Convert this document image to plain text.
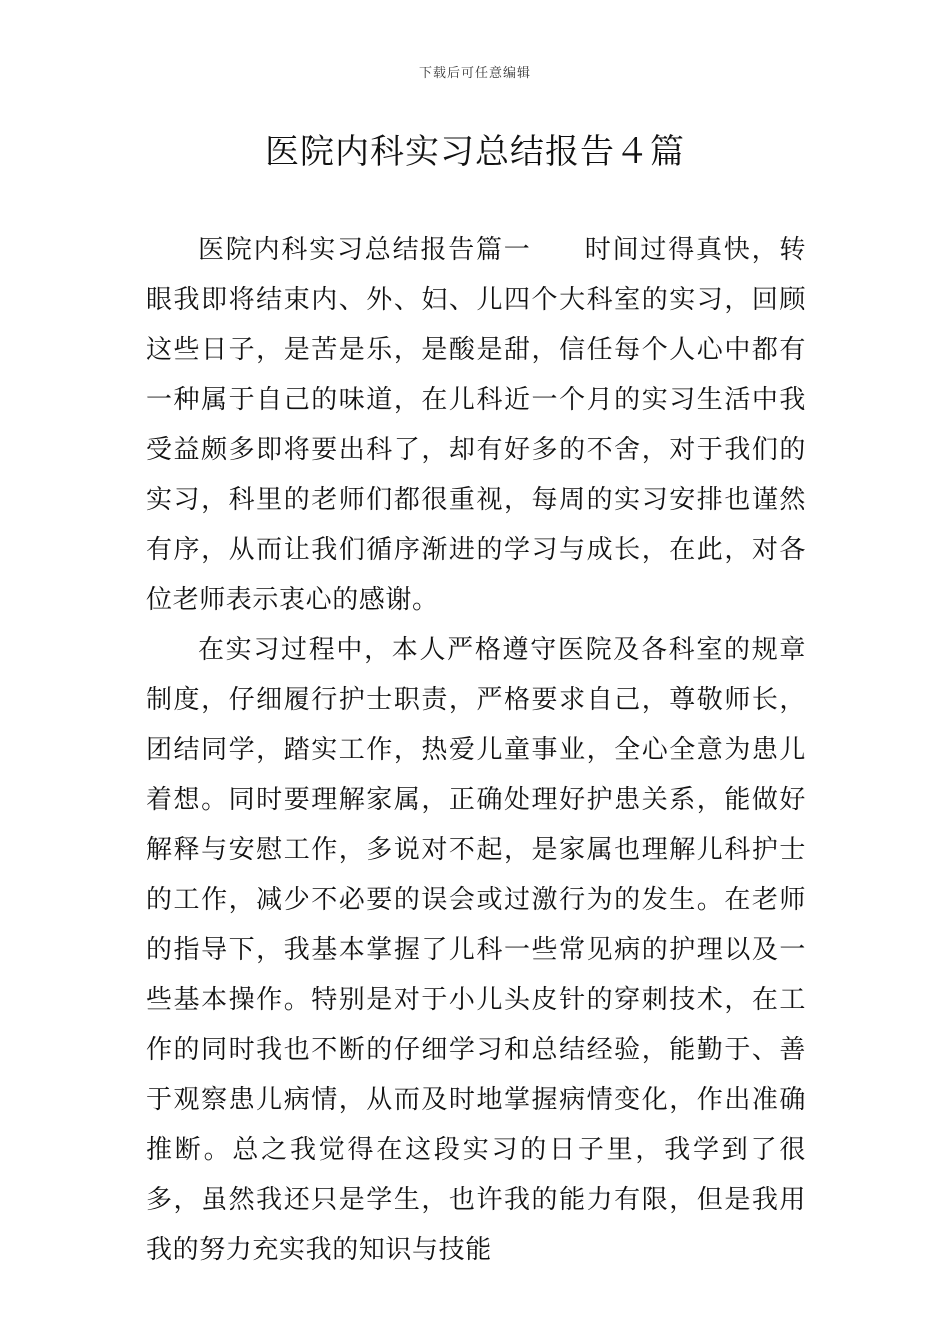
下载后可任意编辑
医院内科实习总结报告４篇

医院内科实习总结报告篇一 时间过得真快，转眼我即将结束内、外、妇、儿四个大科室的实习，回顾这些日子，是苦是乐，是酸是甜，信任每个人心中都有一种属于自己的味道，在儿科近一个月的实习生活中我受益颇多即将要出科了，却有好多的不舍，对于我们的实习，科里的老师们都很重视，每周的实习安排也谨然有序，从而让我们循序渐进的学习与成长，在此，对各位老师表示衷心的感谢。

在实习过程中，本人严格遵守医院及各科室的规章制度，仔细履行护士职责，严格要求自己，尊敬师长，团结同学，踏实工作，热爱儿童事业，全心全意为患儿着想。同时要理解家属，正确处理好护患关系，能做好解释与安慰工作，多说对不起，是家属也理解儿科护士的工作，减少不必要的误会或过激行为的发生。在老师的指导下，我基本掌握了儿科一些常见病的护理以及一些基本操作。特别是对于小儿头皮针的穿刺技术，在工作的同时我也不断的仔细学习和总结经验，能勤于、善于观察患儿病情，从而及时地掌握病情变化，作出准确推断。总之我觉得在这段实习的日子里，我学到了很多，虽然我还只是学生，也许我的能力有限，但是我用我的努力充实我的知识与技能
